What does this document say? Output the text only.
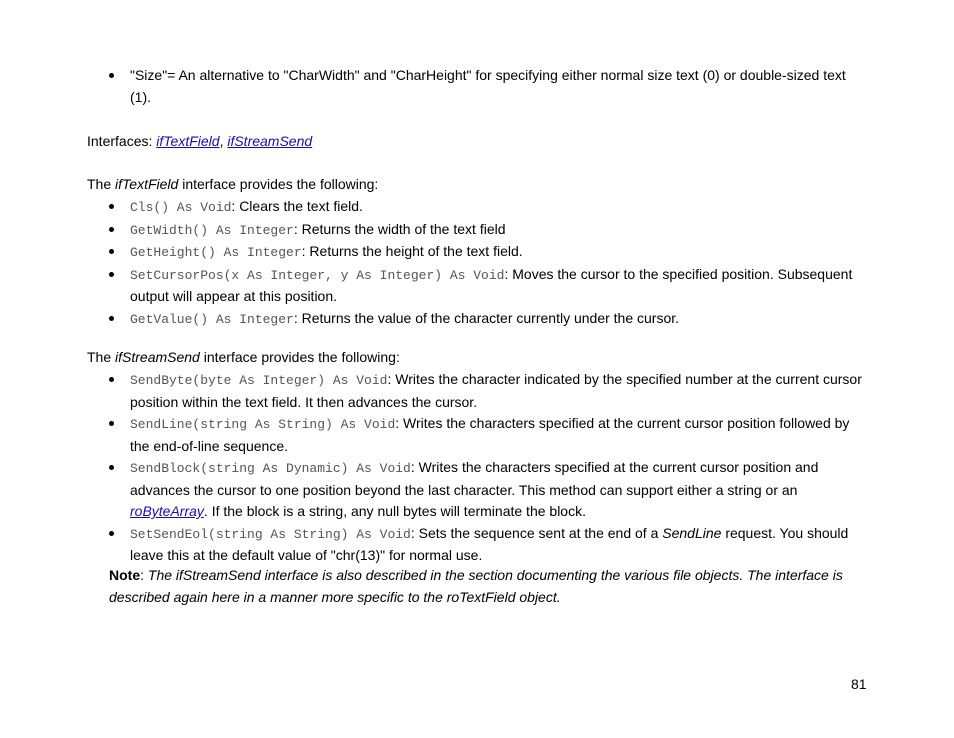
"Size"= An alternative to "CharWidth" and "CharHeight" for specifying either normal size text (0) or double-sized text (1).
Interfaces: ifTextField, ifStreamSend
The ifTextField interface provides the following:
Cls() As Void: Clears the text field.
GetWidth() As Integer: Returns the width of the text field
GetHeight() As Integer: Returns the height of the text field.
SetCursorPos(x As Integer, y As Integer) As Void: Moves the cursor to the specified position. Subsequent output will appear at this position.
GetValue() As Integer: Returns the value of the character currently under the cursor.
The ifStreamSend interface provides the following:
SendByte(byte As Integer) As Void: Writes the character indicated by the specified number at the current cursor position within the text field. It then advances the cursor.
SendLine(string As String) As Void: Writes the characters specified at the current cursor position followed by the end-of-line sequence.
SendBlock(string As Dynamic) As Void: Writes the characters specified at the current cursor position and advances the cursor to one position beyond the last character. This method can support either a string or an roByteArray. If the block is a string, any null bytes will terminate the block.
SetSendEol(string As String) As Void: Sets the sequence sent at the end of a SendLine request. You should leave this at the default value of "chr(13)" for normal use.
Note: The ifStreamSend interface is also described in the section documenting the various file objects. The interface is described again here in a manner more specific to the roTextField object.
81
